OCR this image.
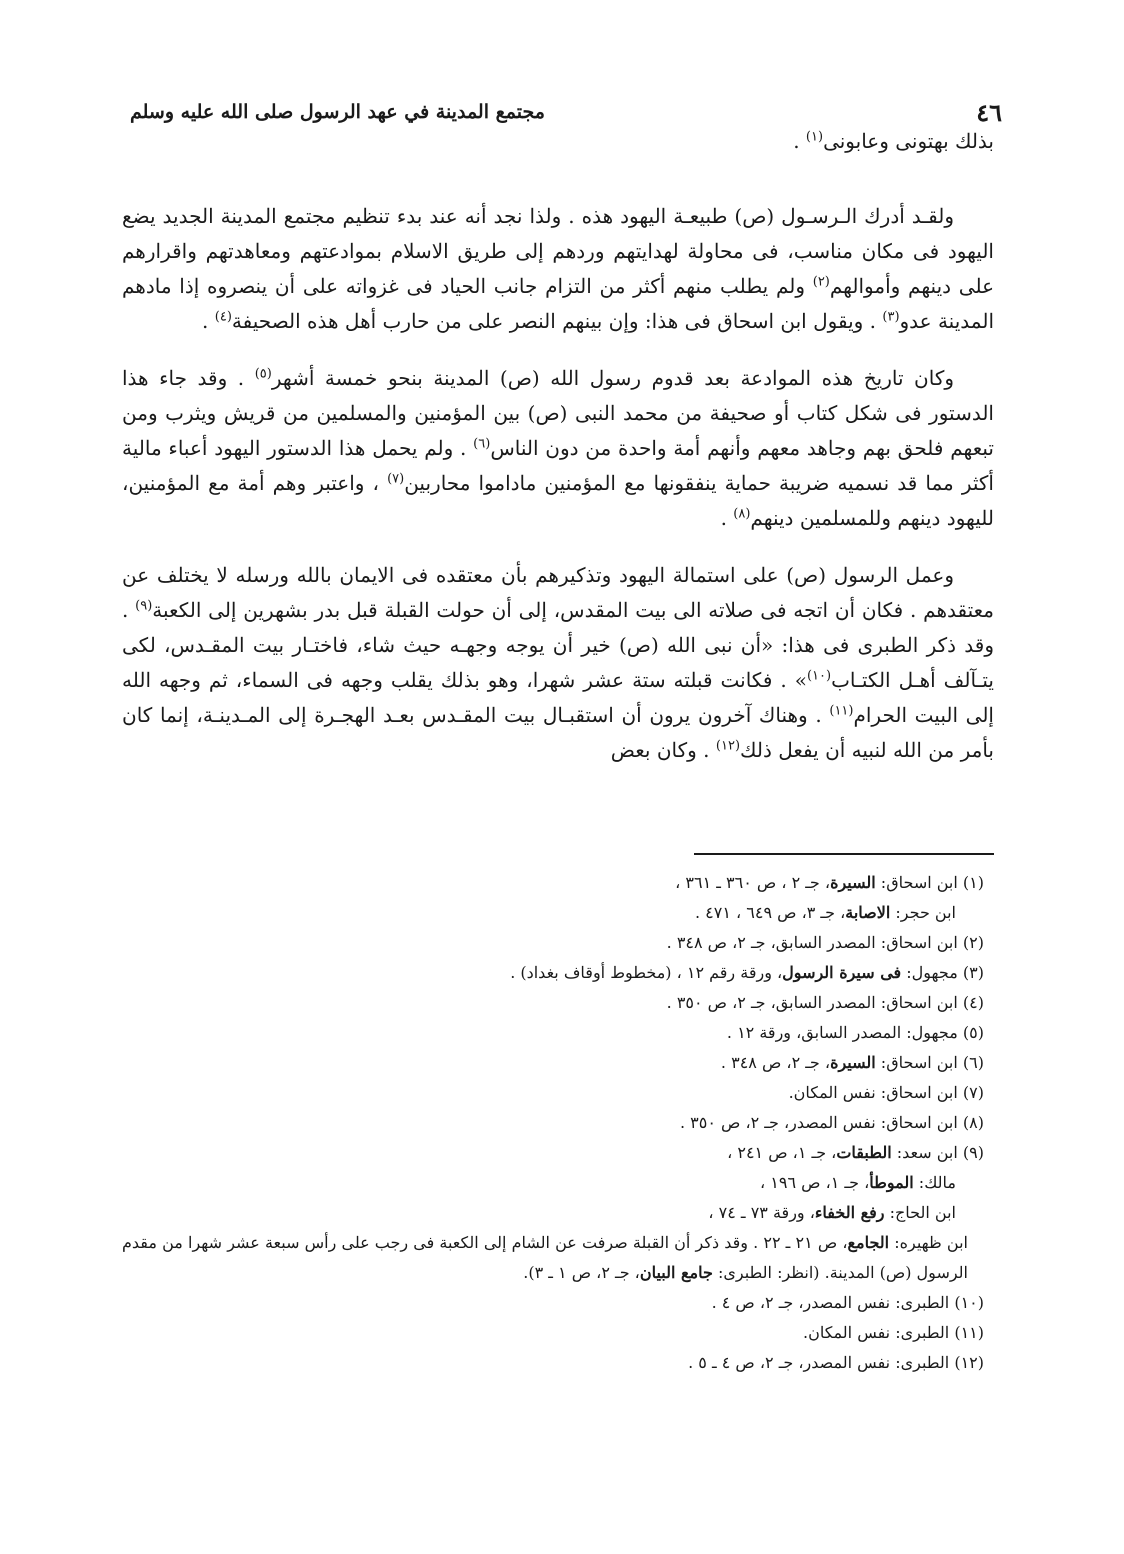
٤٦
مجتمع المدينة في عهد الرسول صلى الله عليه وسلم

بذلك بهتونى وعابونى$^{(١)}$ .

ولقـد أدرك الـرسـول (ص) طبيعـة اليهود هذه . ولذا نجد أنه عند بدء تنظيم مجتمع المدينة الجديد يضع اليهود فى مكان مناسب، فى محاولة لهدايتهم وردهم إلى طريق الاسلام بموادعتهم ومعاهدتهم واقرارهم على دينهم وأموالهم$^{(٢)}$ ولم يطلب منهم أكثر من التزام جانب الحياد فى غزواته على أن ينصروه إذا مادهم المدينة عدو$^{(٣)}$ . ويقول ابن اسحاق فى هذا: وإن بينهم النصر على من حارب أهل هذه الصحيفة$^{(٤)}$ .

وكان تاريخ هذه الموادعة بعد قدوم رسول الله (ص) المدينة بنحو خمسة أشهر$^{(٥)}$ . وقد جاء هذا الدستور فى شكل كتاب أو صحيفة من محمد النبى (ص) بين المؤمنين والمسلمين من قريش ويثرب ومن تبعهم فلحق بهم وجاهد معهم وأنهم أمة واحدة من دون الناس$^{(٦)}$ . ولم يحمل هذا الدستور اليهود أعباء مالية أكثر مما قد نسميه ضريبة حماية ينفقونها مع المؤمنين ماداموا محاربين$^{(٧)}$ ، واعتبر وهم أمة مع المؤمنين، لليهود دينهم وللمسلمين دينهم$^{(٨)}$ .

وعمل الرسول (ص) على استمالة اليهود وتذكيرهم بأن معتقده فى الايمان بالله ورسله لا يختلف عن معتقدهم . فكان أن اتجه فى صلاته الى بيت المقدس، إلى أن حولت القبلة قبل بدر بشهرين إلى الكعبة$^{(٩)}$ . وقد ذكر الطبرى فى هذا: «أن نبى الله (ص) خير أن يوجه وجهـه حيث شاء، فاختـار بيت المقـدس، لكى يتـآلف أهـل الكتـاب$^{(١٠)}$» . فكانت قبلته ستة عشر شهرا، وهو بذلك يقلب وجهه فى السماء، ثم وجهه الله إلى البيت الحرام$^{(١١)}$ . وهناك آخرون يرون أن استقبـال بيت المقـدس بعـد الهجـرة إلى المـدينـة، إنما كان بأمر من الله لنبيه أن يفعل ذلك$^{(١٢)}$ . وكان بعض

(١) ابن اسحاق: السيرة، جـ ٢ ، ص ٣٦٠ ـ ٣٦١ ،

ابن حجر: الاصابة، جـ ٣، ص ٦٤٩ ، ٤٧١ .

(٢) ابن اسحاق: المصدر السابق، جـ ٢، ص ٣٤٨ .

(٣) مجهول: فى سيرة الرسول، ورقة رقم ١٢ ، (مخطوط أوقاف بغداد) .

(٤) ابن اسحاق: المصدر السابق، جـ ٢، ص ٣٥٠ .

(٥) مجهول: المصدر السابق، ورقة ١٢ .

(٦) ابن اسحاق: السيرة، جـ ٢، ص ٣٤٨ .

(٧) ابن اسحاق: نفس المكان.

(٨) ابن اسحاق: نفس المصدر، جـ ٢، ص ٣٥٠ .

(٩) ابن سعد: الطبقات، جـ ١، ص ٢٤١ ،

مالك: الموطأ، جـ ١، ص ١٩٦ ،

ابن الحاج: رفع الخفاء، ورقة ٧٣ ـ ٧٤ ،

ابن ظهيره: الجامع، ص ٢١ ـ ٢٢ . وقد ذكر أن القبلة صرفت عن الشام إلى الكعبة فى رجب على رأس سبعة عشر شهرا من مقدم الرسول (ص) المدينة. (انظر: الطبرى: جامع البيان، جـ ٢، ص ١ ـ ٣).

(١٠) الطبرى: نفس المصدر، جـ ٢، ص ٤ .

(١١) الطبرى: نفس المكان.

(١٢) الطبرى: نفس المصدر، جـ ٢، ص ٤ ـ ٥ .
